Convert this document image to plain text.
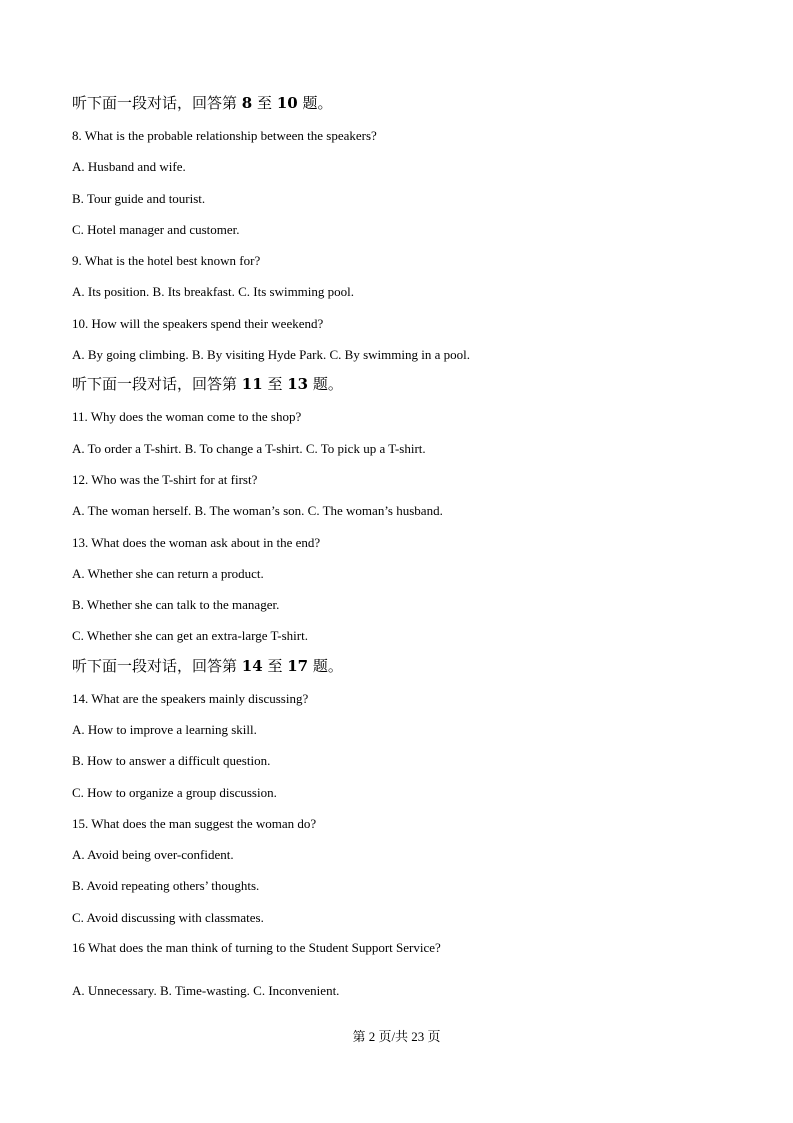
听下面一段对话，回答第 8 至 10 题。
8. What is the probable relationship between the speakers?
A. Husband and wife.
B. Tour guide and tourist.
C. Hotel manager and customer.
9. What is the hotel best known for?
A. Its position. B. Its breakfast. C. Its swimming pool.
10. How will the speakers spend their weekend?
A. By going climbing. B. By visiting Hyde Park. C. By swimming in a pool.
听下面一段对话，回答第 11 至 13 题。
11. Why does the woman come to the shop?
A. To order a T-shirt. B. To change a T-shirt. C. To pick up a T-shirt.
12. Who was the T-shirt for at first?
A. The woman herself. B. The woman’s son. C. The woman’s husband.
13. What does the woman ask about in the end?
A. Whether she can return a product.
B. Whether she can talk to the manager.
C. Whether she can get an extra-large T-shirt.
听下面一段对话，回答第 14 至 17 题。
14. What are the speakers mainly discussing?
A. How to improve a learning skill.
B. How to answer a difficult question.
C. How to organize a group discussion.
15. What does the man suggest the woman do?
A. Avoid being over-confident.
B. Avoid repeating others’ thoughts.
C. Avoid discussing with classmates.
16 What does the man think of turning to the Student Support Service?
A. Unnecessary. B. Time-wasting. C. Inconvenient.
第 2 页/共 23 页
